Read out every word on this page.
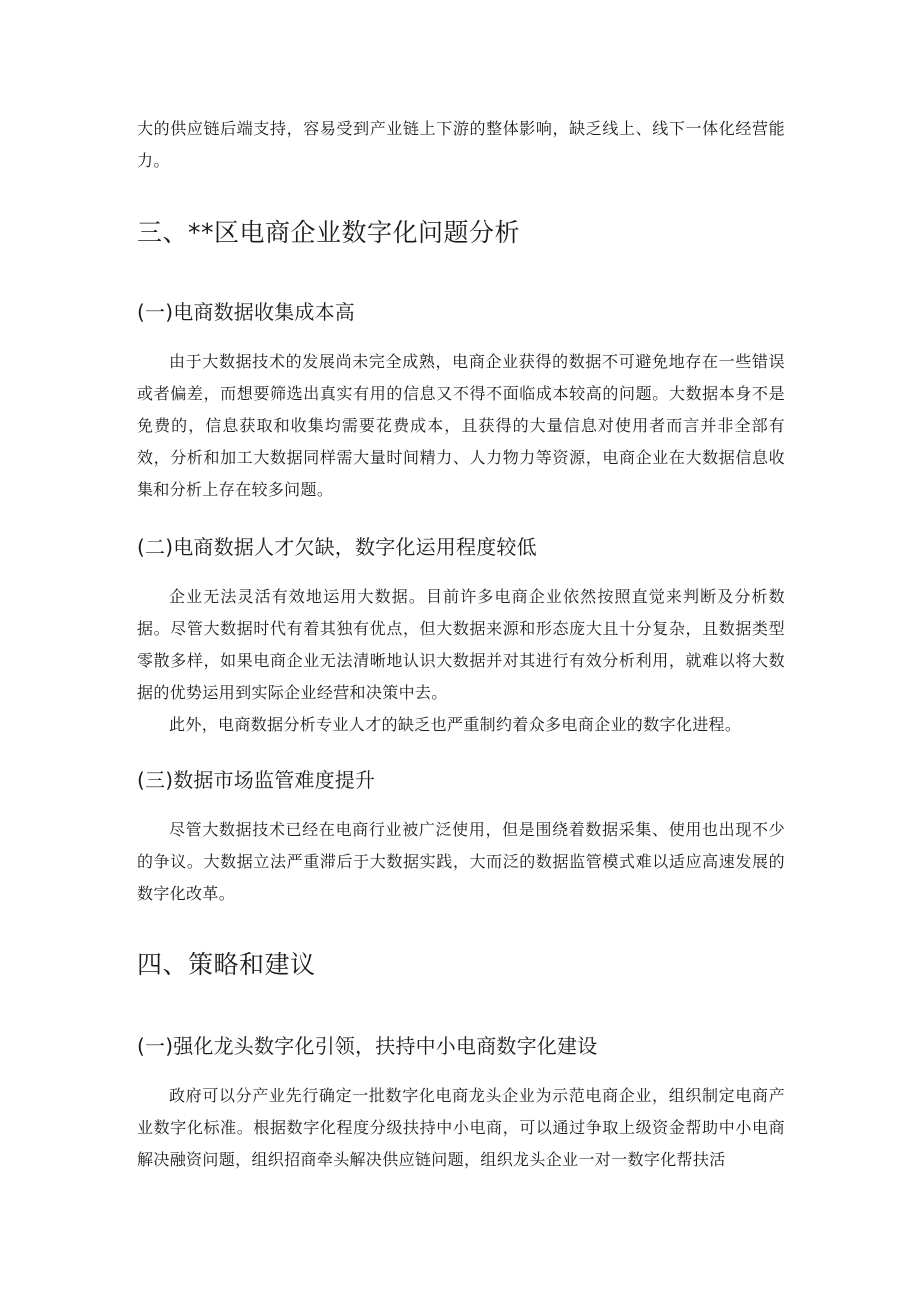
大的供应链后端支持，容易受到产业链上下游的整体影响，缺乏线上、线下一体化经营能力。

三、**区电商企业数字化问题分析
(一)电商数据收集成本高

由于大数据技术的发展尚未完全成熟，电商企业获得的数据不可避免地存在一些错误或者偏差，而想要筛选出真实有用的信息又不得不面临成本较高的问题。大数据本身不是免费的，信息获取和收集均需要花费成本，且获得的大量信息对使用者而言并非全部有效，分析和加工大数据同样需大量时间精力、人力物力等资源，电商企业在大数据信息收集和分析上存在较多问题。

(二)电商数据人才欠缺，数字化运用程度较低

企业无法灵活有效地运用大数据。目前许多电商企业依然按照直觉来判断及分析数据。尽管大数据时代有着其独有优点，但大数据来源和形态庞大且十分复杂，且数据类型零散多样，如果电商企业无法清晰地认识大数据并对其进行有效分析利用，就难以将大数据的优势运用到实际企业经营和决策中去。

此外，电商数据分析专业人才的缺乏也严重制约着众多电商企业的数字化进程。

(三)数据市场监管难度提升

尽管大数据技术已经在电商行业被广泛使用，但是围绕着数据采集、使用也出现不少的争议。大数据立法严重滞后于大数据实践，大而泛的数据监管模式难以适应高速发展的数字化改革。

四、策略和建议
(一)强化龙头数字化引领，扶持中小电商数字化建设

政府可以分产业先行确定一批数字化电商龙头企业为示范电商企业，组织制定电商产业数字化标准。根据数字化程度分级扶持中小电商，可以通过争取上级资金帮助中小电商解决融资问题，组织招商牵头解决供应链问题，组织龙头企业一对一数字化帮扶活
